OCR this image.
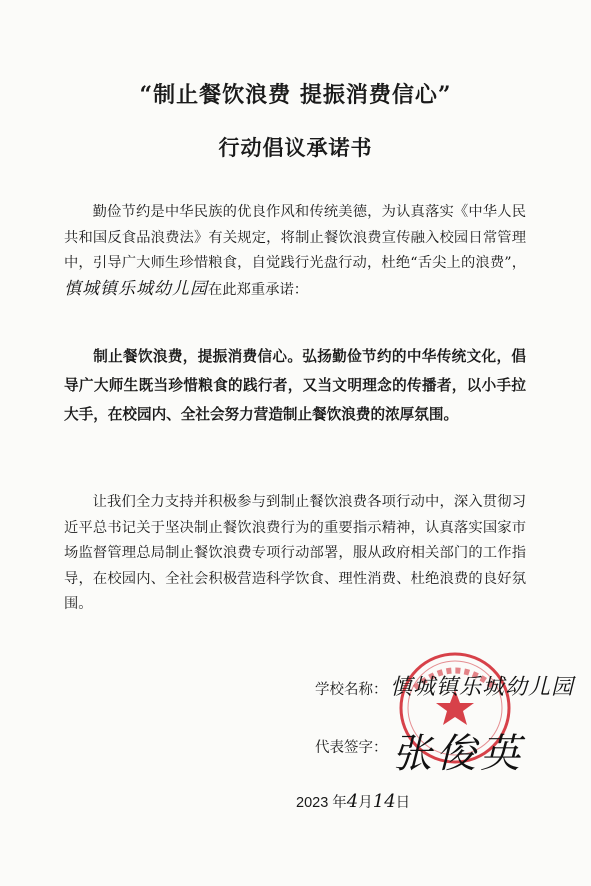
“制止餐饮浪费 提振消费信心”
行动倡议承诺书

勤俭节约是中华民族的优良作风和传统美德，为认真落实《中华人民共和国反食品浪费法》有关规定，将制止餐饮浪费宣传融入校园日常管理中，引导广大师生珍惜粮食，自觉践行光盘行动，杜绝“舌尖上的浪费”，慎城镇乐城幼儿园在此郑重承诺：

制止餐饮浪费，提振消费信心。弘扬勤俭节约的中华传统文化，倡导广大师生既当珍惜粮食的践行者，又当文明理念的传播者，以小手拉大手，在校园内、全社会努力营造制止餐饮浪费的浓厚氛围。

让我们全力支持并积极参与到制止餐饮浪费各项行动中，深入贯彻习近平总书记关于坚决制止餐饮浪费行为的重要指示精神，认真落实国家市场监督管理总局制止餐饮浪费专项行动部署，服从政府相关部门的工作指导，在校园内、全社会积极营造科学饮食、理性消费、杜绝浪费的良好氛围。

学校名称： 慎城镇乐城幼儿园
代表签字： 张俊英
2023 年4月14日
